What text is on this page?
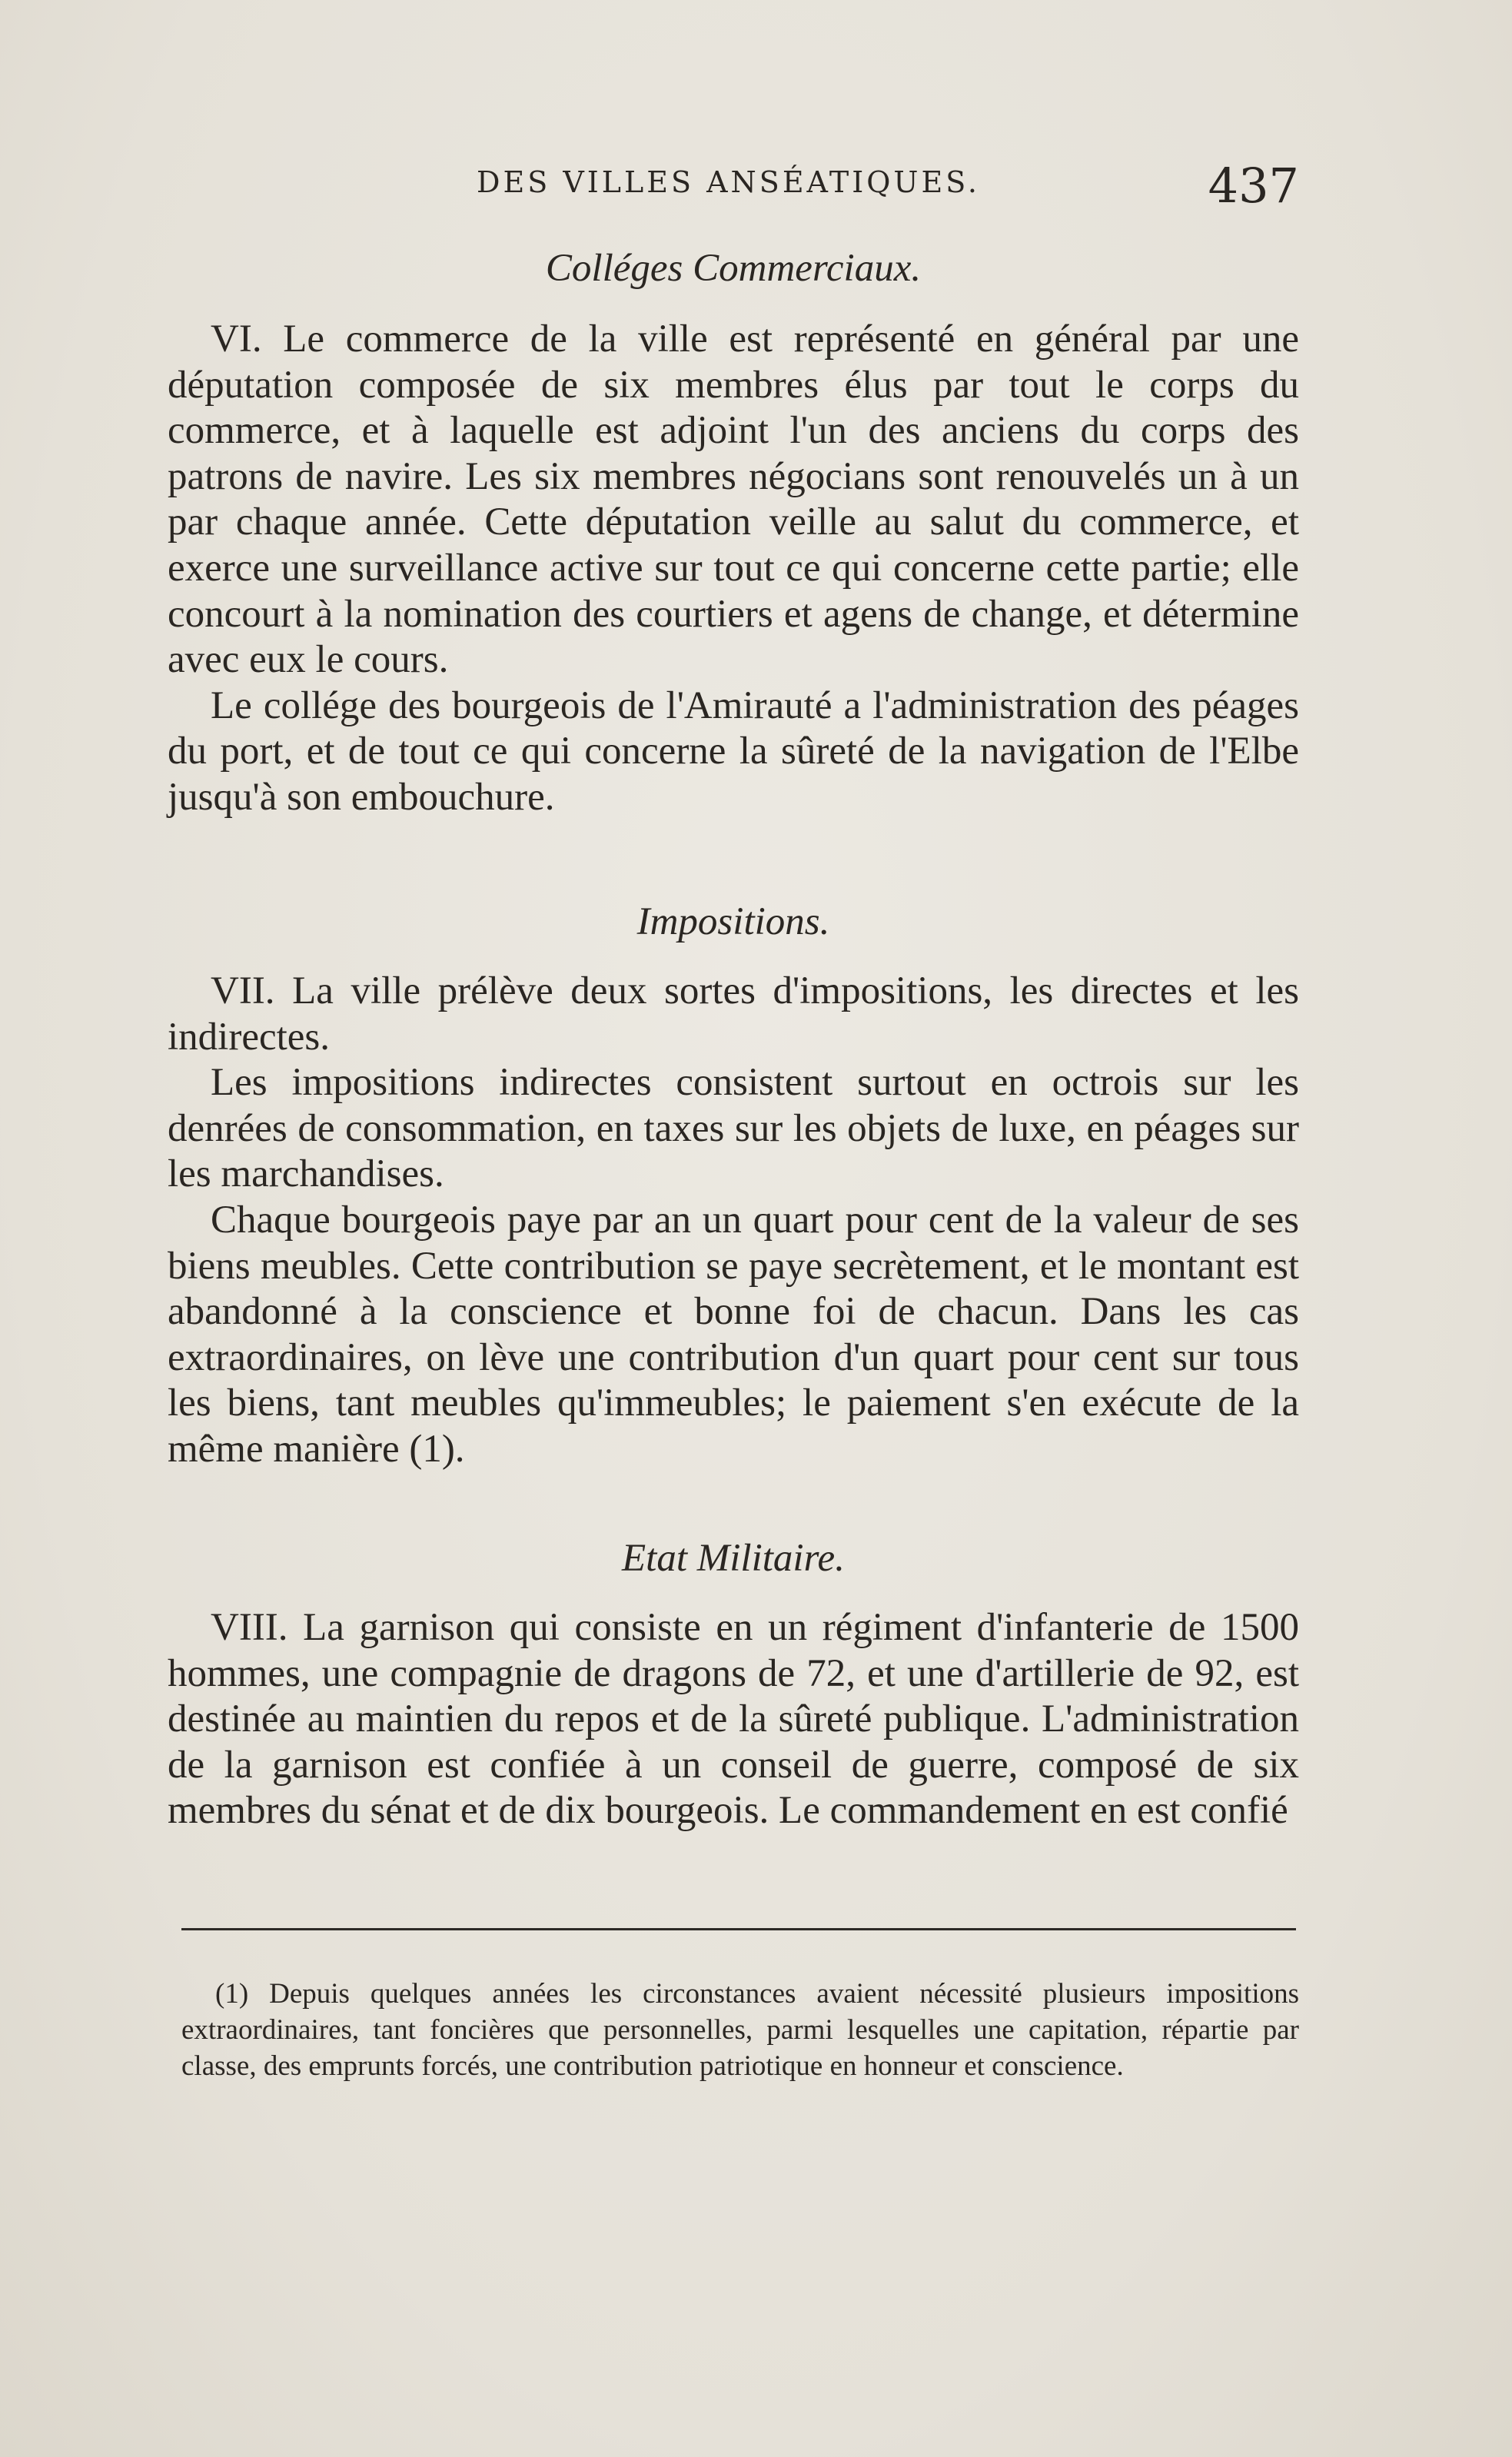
DES VILLES ANSÉATIQUES.	437
Colléges Commerciaux.

VI. Le commerce de la ville est représenté en général par une députation composée de six membres élus par tout le corps du commerce, et à laquelle est adjoint l'un des anciens du corps des patrons de navire. Les six membres négocians sont renouvelés un à un par chaque année. Cette députation veille au salut du commerce, et exerce une surveillance active sur tout ce qui concerne cette partie; elle concourt à la nomination des courtiers et agens de change, et détermine avec eux le cours.

Le collége des bourgeois de l'Amirauté a l'administration des péages du port, et de tout ce qui concerne la sûreté de la navigation de l'Elbe jusqu'à son embouchure.

Impositions.

VII. La ville prélève deux sortes d'impositions, les directes et les indirectes.

Les impositions indirectes consistent surtout en octrois sur les denrées de consommation, en taxes sur les objets de luxe, en péages sur les marchandises.

Chaque bourgeois paye par an un quart pour cent de la valeur de ses biens meubles. Cette contribution se paye secrètement, et le montant est abandonné à la conscience et bonne foi de chacun. Dans les cas extraordinaires, on lève une contribution d'un quart pour cent sur tous les biens, tant meubles qu'immeubles; le paiement s'en exécute de la même manière (1).

Etat Militaire.

VIII. La garnison qui consiste en un régiment d'infanterie de 1500 hommes, une compagnie de dragons de 72, et une d'artillerie de 92, est destinée au maintien du repos et de la sûreté publique. L'administration de la garnison est confiée à un conseil de guerre, composé de six membres du sénat et de dix bourgeois. Le commandement en est confié

(1) Depuis quelques années les circonstances avaient nécessité plusieurs impositions extraordinaires, tant foncières que personnelles, parmi lesquelles une capitation, répartie par classe, des emprunts forcés, une contribution patriotique en honneur et conscience.
